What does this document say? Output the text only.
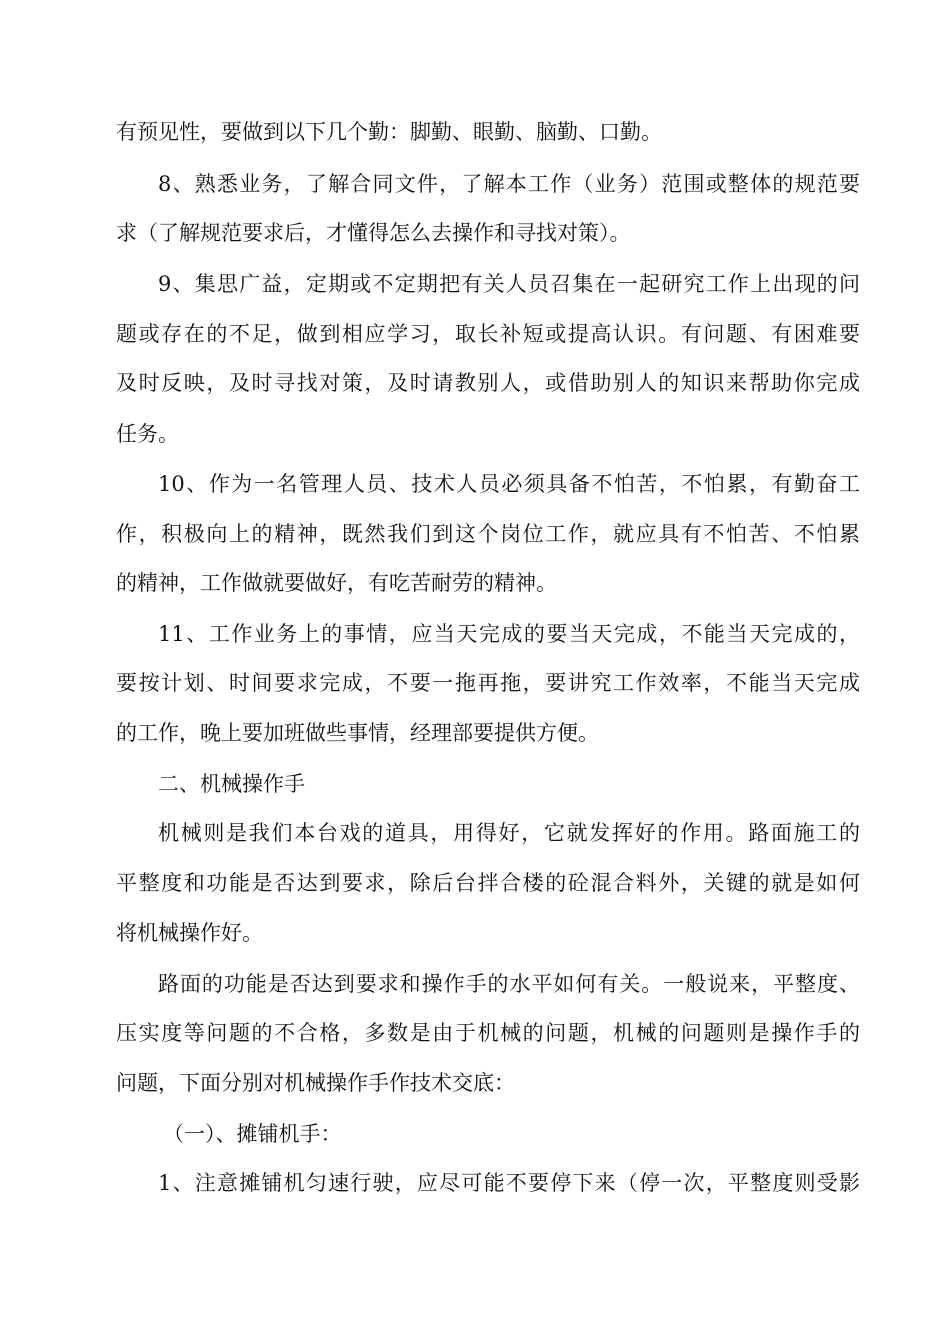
有预见性，要做到以下几个勤：脚勤、眼勤、脑勤、口勤。
8、熟悉业务，了解合同文件，了解本工作（业务）范围或整体的规范要
求（了解规范要求后，才懂得怎么去操作和寻找对策）。
9、集思广益，定期或不定期把有关人员召集在一起研究工作上出现的问
题或存在的不足，做到相应学习，取长补短或提高认识。有问题、有困难要
及时反映，及时寻找对策，及时请教别人，或借助别人的知识来帮助你完成
任务。
10、作为一名管理人员、技术人员必须具备不怕苦，不怕累，有勤奋工
作，积极向上的精神，既然我们到这个岗位工作，就应具有不怕苦、不怕累
的精神，工作做就要做好，有吃苦耐劳的精神。
11、工作业务上的事情，应当天完成的要当天完成，不能当天完成的，
要按计划、时间要求完成，不要一拖再拖，要讲究工作效率，不能当天完成
的工作，晚上要加班做些事情，经理部要提供方便。
二、机械操作手
机械则是我们本台戏的道具，用得好，它就发挥好的作用。路面施工的
平整度和功能是否达到要求，除后台拌合楼的砼混合料外，关键的就是如何
将机械操作好。
路面的功能是否达到要求和操作手的水平如何有关。一般说来，平整度、
压实度等问题的不合格，多数是由于机械的问题，机械的问题则是操作手的
问题，下面分别对机械操作手作技术交底：
（一）、摊铺机手：
1、注意摊铺机匀速行驶，应尽可能不要停下来（停一次，平整度则受影
